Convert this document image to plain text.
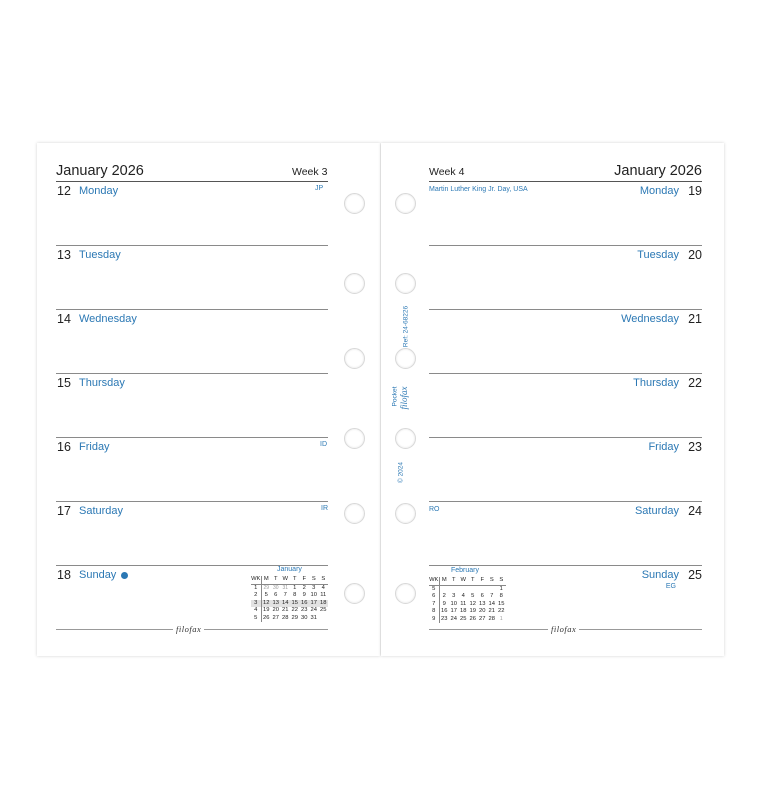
January 2026	Week 3
12 Monday	JP
13 Tuesday
14 Wednesday
15 Thursday
16 Friday	ID
17 Saturday	IR
18 Sunday	January
WK	M	T	W	T	F	S	S
1	29	30	31	1	2	3	4
2	5	6	7	8	9	10	11
3	12	13	14	15	16	17	18
4	19	20	21	22	23	24	25
5	26	27	28	29	30	31	
filofax
Week 4	January 2026
Martin Luther King Jr. Day, USA	Monday 19
Tuesday 20
Wednesday 21
Thursday 22
Friday 23
RO	Saturday 24
Sunday 25
EG
February
WK	M	T	W	T	F	S	S
5							1
6	2	3	4	5	6	7	8
7	9	10	11	12	13	14	15
8	16	17	18	19	20	21	22
9	23	24	25	26	27	28	1
filofax
Ref: 24-68226
Pocket filofax
© 2024
